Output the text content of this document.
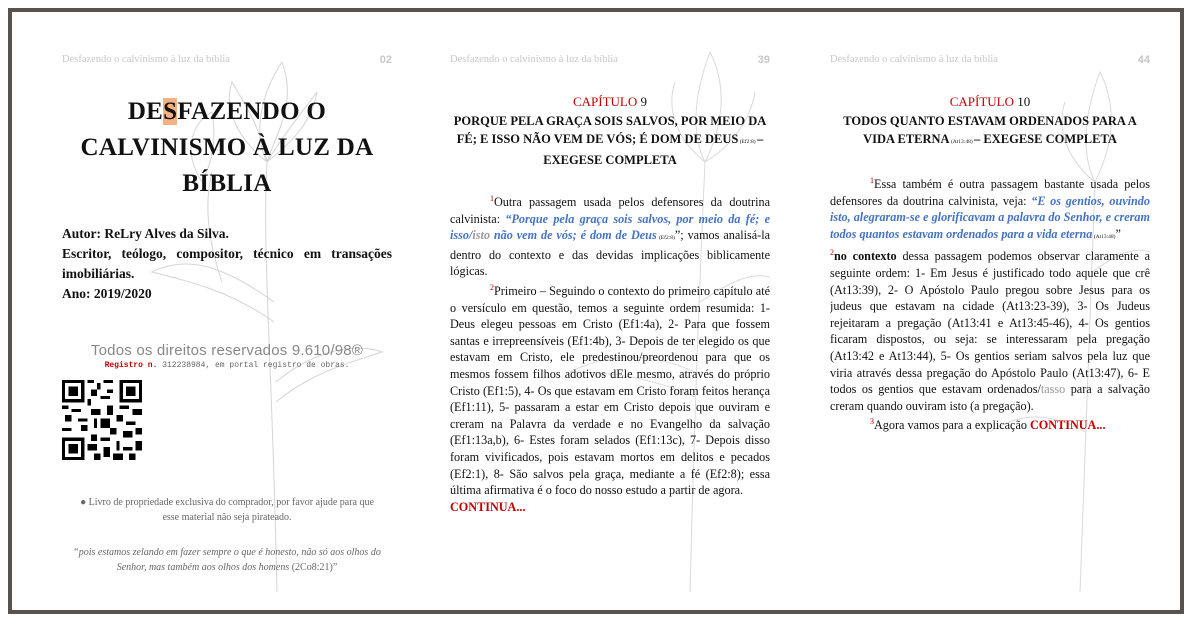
Desfazendo o calvinismo à luz da bíblia	02
DESFAZENDO O CALVINISMO À LUZ DA BÍBLIA
Autor: ReLry Alves da Silva.
Escritor, teólogo, compositor, técnico em transações imobiliárias.
Ano: 2019/2020
Todos os direitos reservados 9.610/98®
Registro n. 312238984, em portal registro de obras.
● Livro de propriedade exclusiva do comprador, por favor ajude para que esse material não seja pirateado.
“pois estamos zelando em fazer sempre o que é honesto, não só aos olhos do Senhor, mas também aos olhos dos homens (2Co8:21)”
Desfazendo o calvinismo à luz da bíblia	39
CAPÍTULO 9
PORQUE PELA GRAÇA SOIS SALVOS, POR MEIO DA FÉ; E ISSO NÃO VEM DE VÓS; É DOM DE DEUS (Ef2:8) – EXEGESE COMPLETA

$^1$Outra passagem usada pelos defensores da doutrina calvinista: “Porque pela graça sois salvos, por meio da fé; e isso/isto não vem de vós; é dom de Deus (Ef2:8)”; vamos analisá-la dentro do contexto e das devidas implicações biblicamente lógicas.

$^2$Primeiro – Seguindo o contexto do primeiro capítulo até o versículo em questão, temos a seguinte ordem resumida: 1- Deus elegeu pessoas em Cristo (Ef1:4a), 2- Para que fossem santas e irrepreensíveis (Ef1:4b), 3- Depois de ter elegido os que estavam em Cristo, ele predestinou/preordenou para que os mesmos fossem filhos adotivos dEle mesmo, através do próprio Cristo (Ef1:5), 4- Os que estavam em Cristo foram feitos herança (Ef1:11), 5- passaram a estar em Cristo depois que ouviram e creram na Palavra da verdade e no Evangelho da salvação (Ef1:13a,b), 6- Estes foram selados (Ef1:13c), 7- Depois disso foram vivificados, pois estavam mortos em delitos e pecados (Ef2:1), 8- São salvos pela graça, mediante a fé (Ef2:8); essa última afirmativa é o foco do nosso estudo a partir de agora.

CONTINUA...

Desfazendo o calvinismo à luz da bíblia	44
CAPÍTULO 10
TODOS QUANTO ESTAVAM ORDENADOS PARA A VIDA ETERNA (At13:48) – EXEGESE COMPLETA

$^1$Essa também é outra passagem bastante usada pelos defensores da doutrina calvinista, veja: “E os gentios, ouvindo isto, alegraram-se e glorificavam a palavra do Senhor, e creram todos quantos estavam ordenados para a vida eterna (At13:48)”

$^2$no contexto dessa passagem podemos observar claramente a seguinte ordem: 1- Em Jesus é justificado todo aquele que crê (At13:39), 2- O Apóstolo Paulo pregou sobre Jesus para os judeus que estavam na cidade (At13:23-39), 3- Os Judeus rejeitaram a pregação (At13:41 e At13:45-46), 4- Os gentios ficaram dispostos, ou seja: se interessaram pela pregação (At13:42 e At13:44), 5- Os gentios seriam salvos pela luz que viria através dessa pregação do Apóstolo Paulo (At13:47), 6- E todos os gentios que estavam ordenados/tasso para a salvação creram quando ouviram isto (a pregação).

$^3$Agora vamos para a explicação CONTINUA...
